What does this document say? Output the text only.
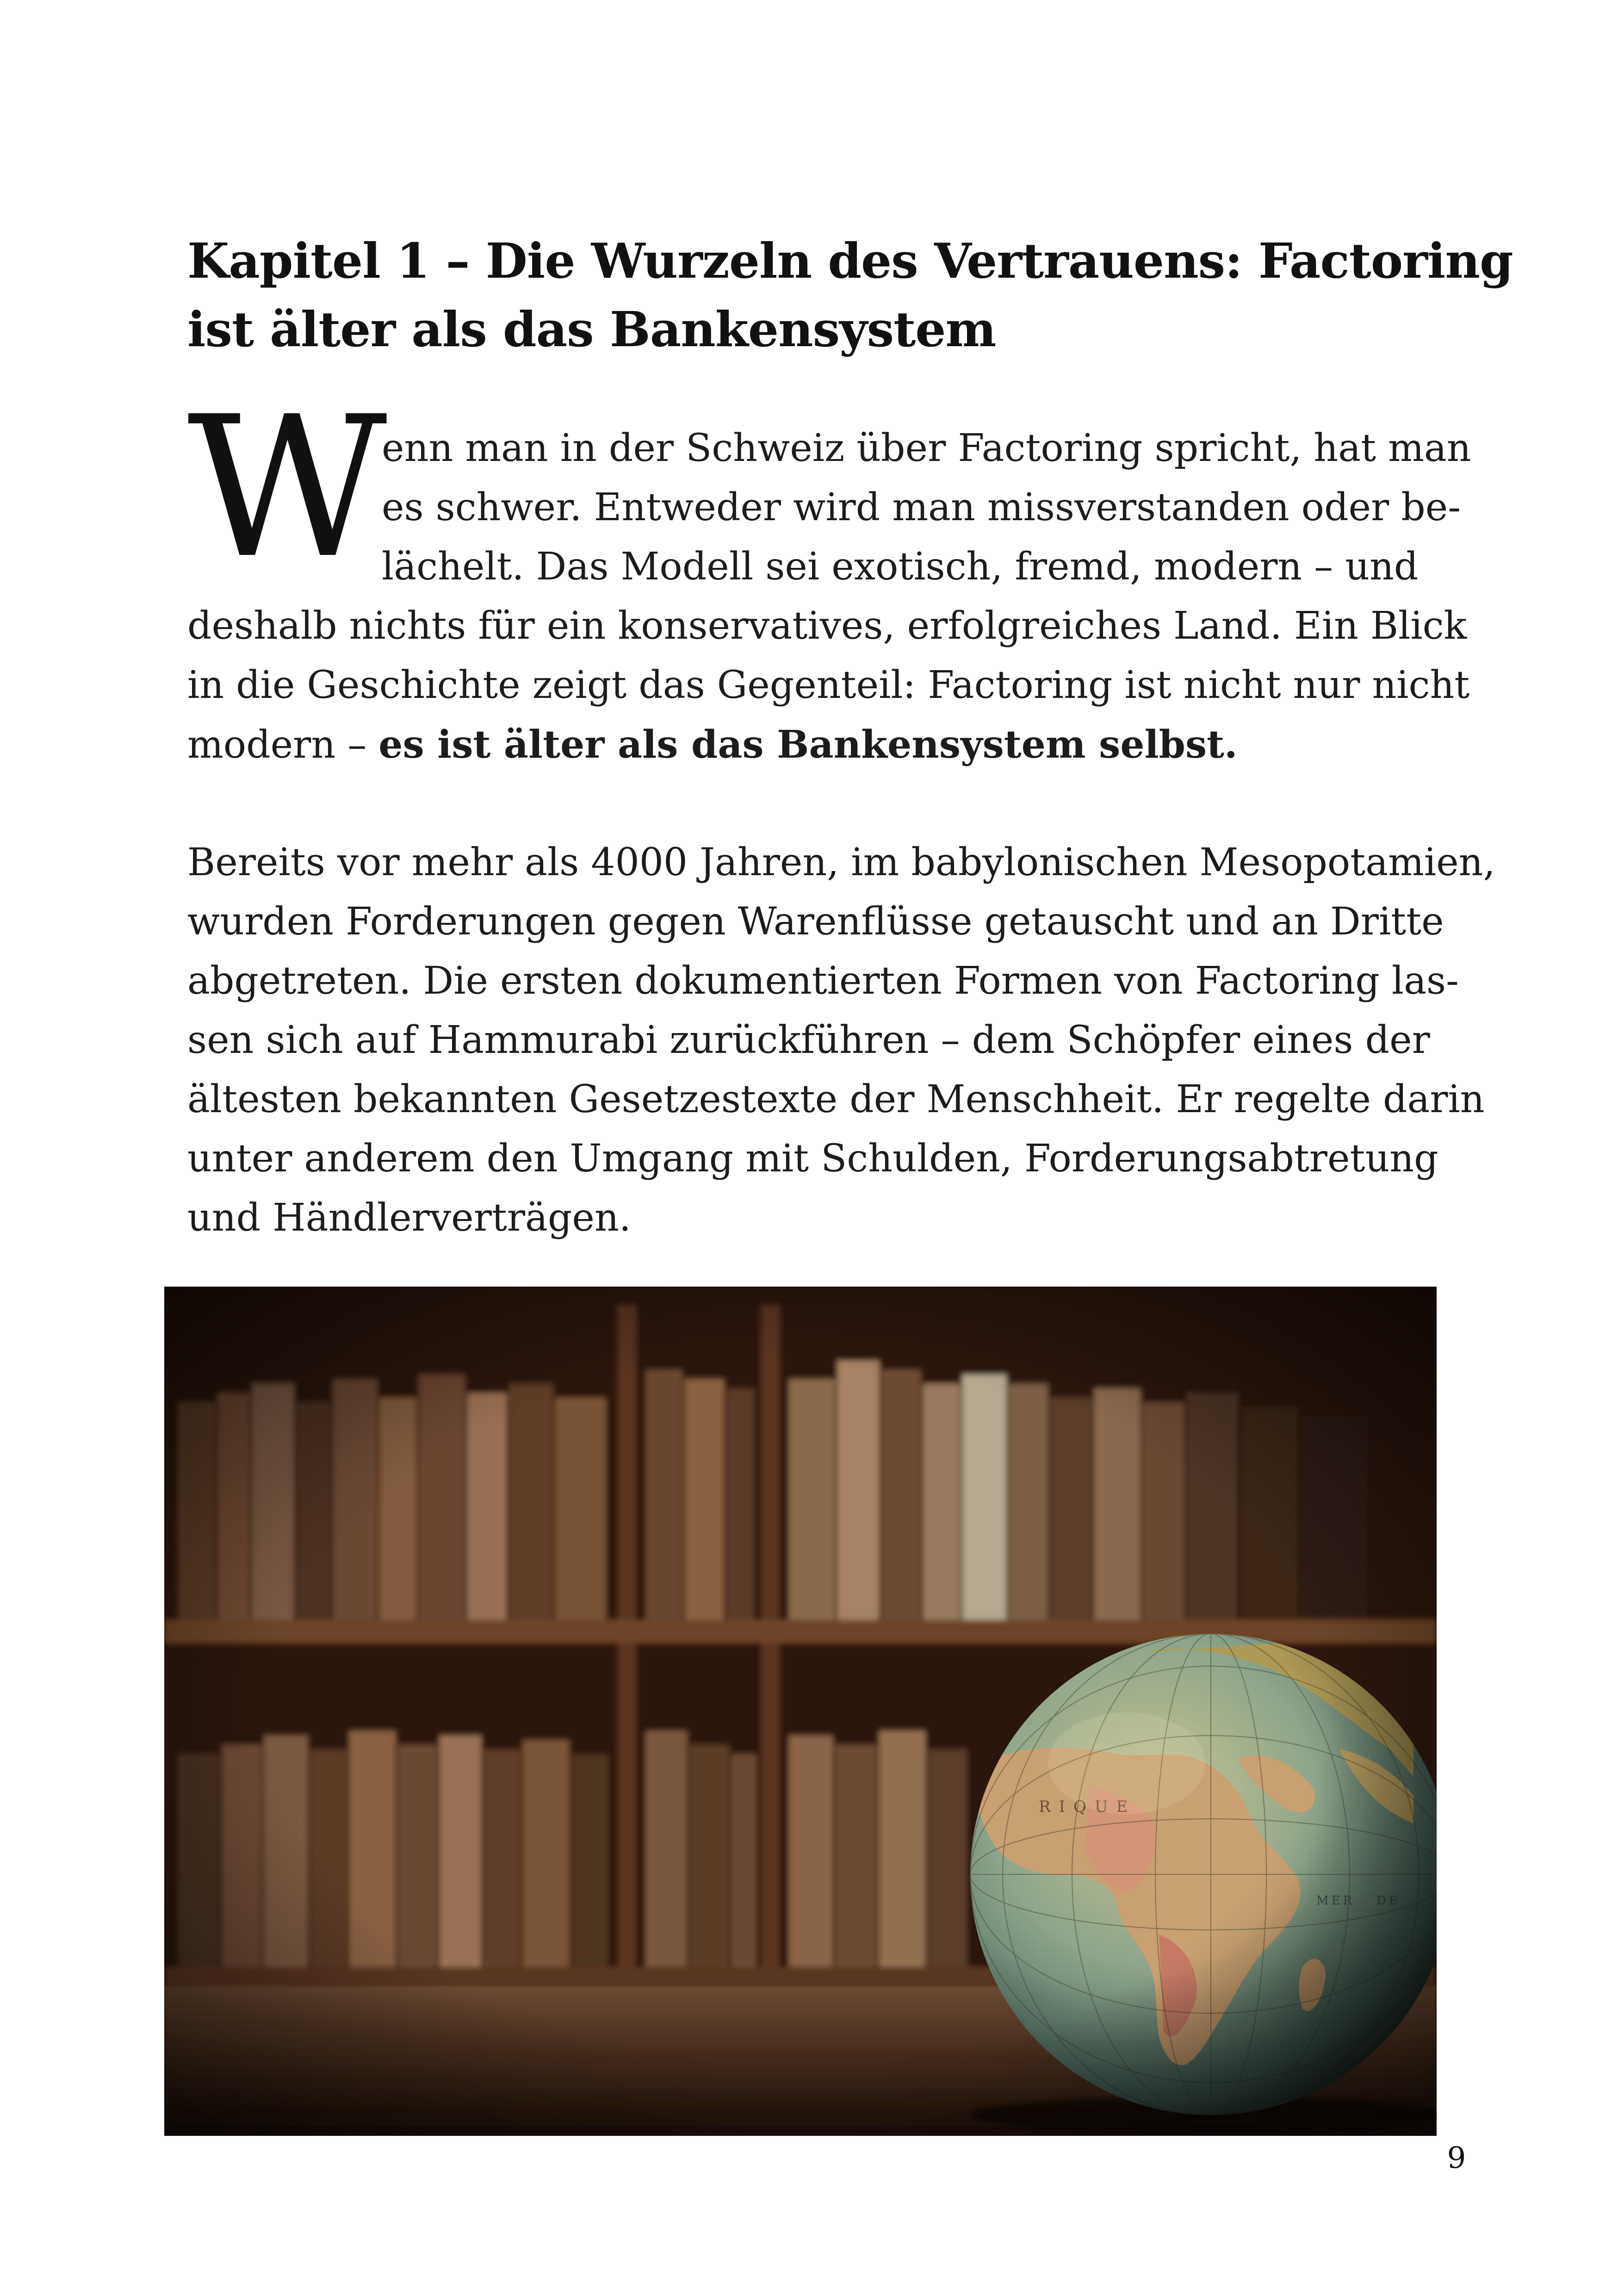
Kapitel 1 – Die Wurzeln des Vertrauens: Factoring
ist älter als das Bankensystem
W
enn man in der Schweiz über Factoring spricht, hat man
es schwer. Entweder wird man missverstanden oder be-
lächelt. Das Modell sei exotisch, fremd, modern – und
deshalb nichts für ein konservatives, erfolgreiches Land. Ein Blick
in die Geschichte zeigt das Gegenteil: Factoring ist nicht nur nicht
modern – es ist älter als das Bankensystem selbst.
Bereits vor mehr als 4000 Jahren, im babylonischen Mesopotamien,
wurden Forderungen gegen Warenflüsse getauscht und an Dritte
abgetreten. Die ersten dokumentierten Formen von Factoring las-
sen sich auf Hammurabi zurückführen – dem Schöpfer eines der
ältesten bekannten Gesetzestexte der Menschheit. Er regelte darin
unter anderem den Umgang mit Schulden, Forderungsabtretung
und Händlerverträgen.
9
